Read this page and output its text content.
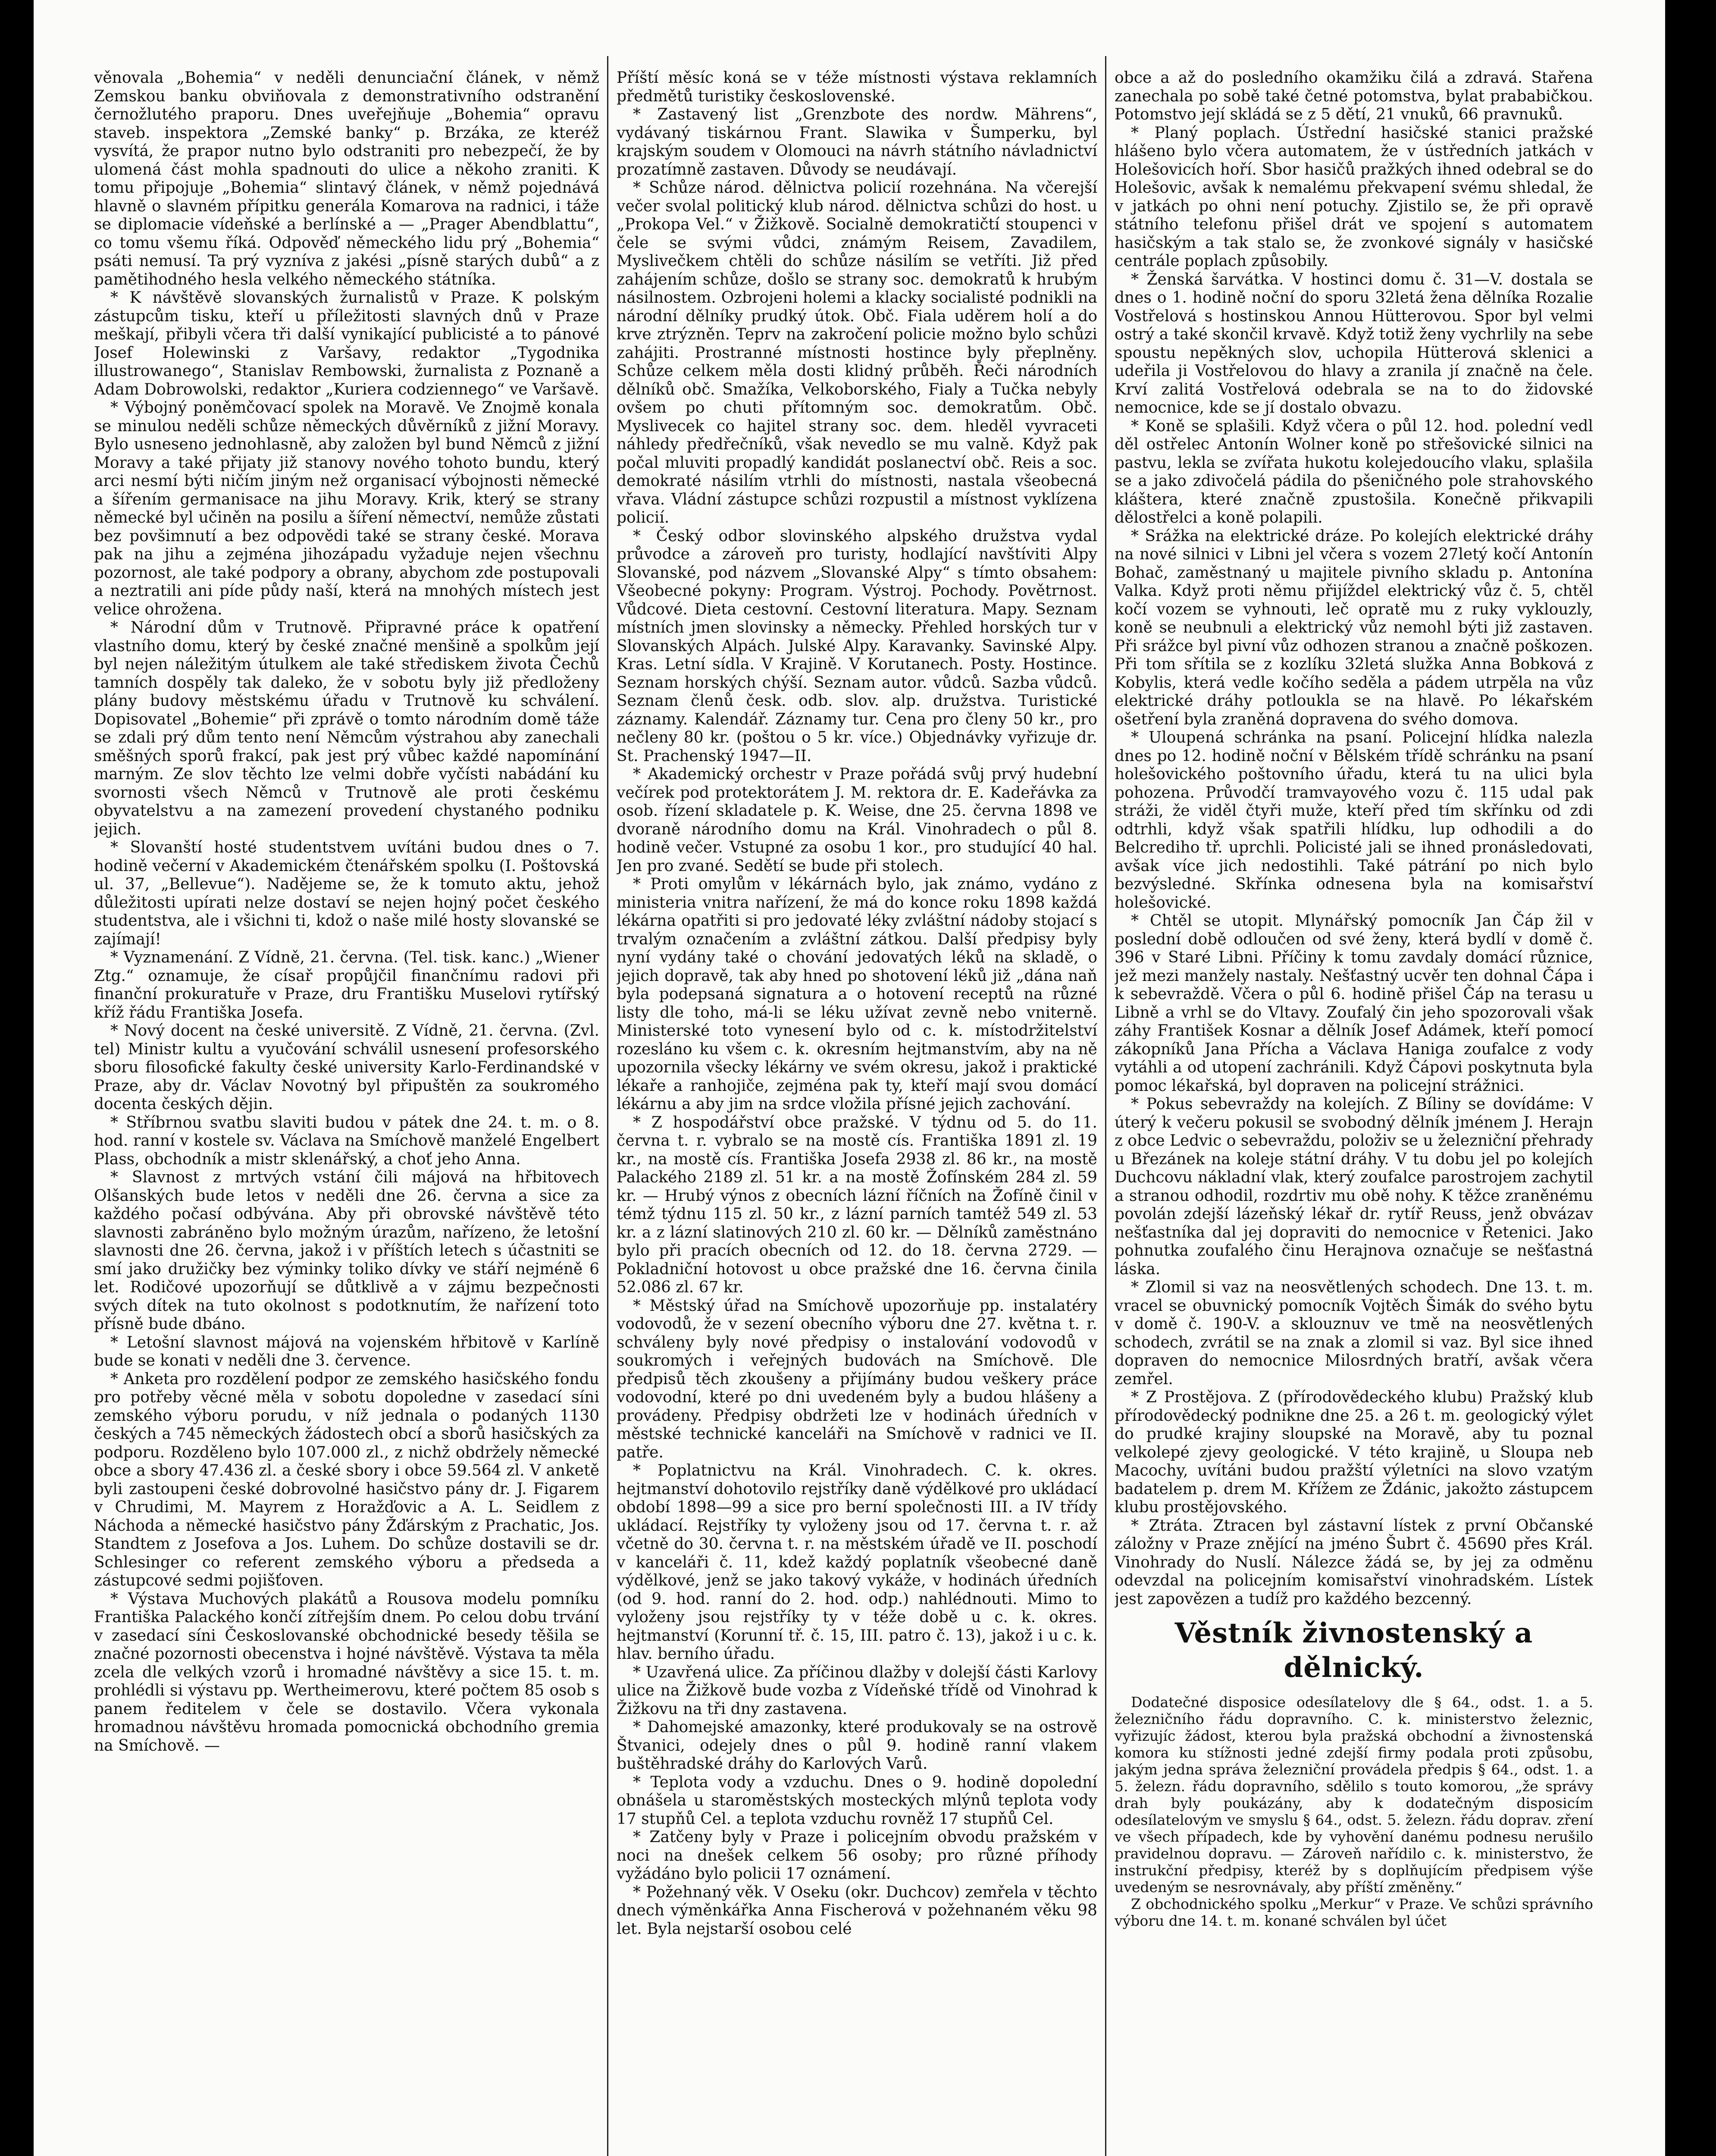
věnovala „Bohemia“ v neděli denunciační článek, v němž Zemskou banku obviňovala z demonstrativního odstranění černožlutého praporu. Dnes uveřejňuje „Bohemia“ opravu staveb. inspektora „Zemské banky“ p. Brzáka, ze kteréž vysvítá, že prapor nutno bylo odstraniti pro nebezpečí, že by ulomená část mohla spadnouti do ulice a někoho zraniti. K tomu připojuje „Bohemia“ slintavý článek, v němž pojednává hlavně o slavném přípitku generála Komarova na radnici, i táže se diplomacie vídeňské a berlínské a — „Prager Abendblattu“, co tomu všemu říká. Odpověď německého lidu prý „Bohemia“ psáti nemusí. Ta prý vyzníva z jakési „písně starých dubů“ a z pamětihodného hesla velkého německého státníka.

* K návštěvě slovanských žurnalistů v Praze. K polským zástupcům tisku, kteří u příležitosti slavných dnů v Praze meškají, přibyli včera tři další vynikající publicisté a to pánové Josef Holewinski z Varšavy, redaktor „Tygodnika illustrowanego“, Stanislav Rembowski, žurnalista z Poznaně a Adam Dobrowolski, redaktor „Kuriera codziennego“ ve Varšavě.

* Výbojný poněmčovací spolek na Moravě. Ve Znojmě konala se minulou neděli schůze německých důvěrníků z jižní Moravy. Bylo usneseno jednohlasně, aby založen byl bund Němců z jižní Moravy a také přijaty již stanovy nového tohoto bundu, který arci nesmí býti ničím jiným než organisací výbojnosti německé a šířením germanisace na jihu Moravy. Krik, který se strany německé byl učiněn na posilu a šíření němectví, nemůže zůstati bez povšimnutí a bez odpovědi také se strany české. Morava pak na jihu a zejména jihozápadu vyžaduje nejen všechnu pozornost, ale také podpory a obrany, abychom zde postupovali a neztratili ani píde půdy naší, která na mnohých místech jest velice ohrožena.

* Národní dům v Trutnově. Připravné práce k opatření vlastního domu, který by české značné menšině a spolkům její byl nejen náležitým útulkem ale také střediskem života Čechů tamních dospěly tak daleko, že v sobotu byly již předloženy plány budovy městskému úřadu v Trutnově ku schválení. Dopisovatel „Bohemie“ při zprávě o tomto národním domě táže se zdali prý dům tento není Němcům výstrahou aby zanechali směšných sporů frakcí, pak jest prý vůbec každé napomínání marným. Ze slov těchto lze velmi dobře vyčísti nabádání ku svornosti všech Němců v Trutnově ale proti českému obyvatelstvu a na zamezení provedení chystaného podniku jejich.

* Slovanští hosté studentstvem uvítáni budou dnes o 7. hodině večerní v Akademickém čtenářském spolku (I. Poštovská ul. 37, „Bellevue“). Nadějeme se, že k tomuto aktu, jehož důležitosti upírati nelze dostaví se nejen hojný počet českého studentstva, ale i všichni ti, kdož o naše milé hosty slovanské se zajímají!

* Vyznamenání. Z Vídně, 21. června. (Tel. tisk. kanc.) „Wiener Ztg.“ oznamuje, že císař propůjčil finančnímu radovi při finanční prokuratuře v Praze, dru Františku Muselovi rytířský kříž řádu Františka Josefa.

* Nový docent na české universitě. Z Vídně, 21. června. (Zvl. tel) Ministr kultu a vyučování schválil usnesení profesorského sboru filosofické fakulty české university Karlo-Ferdinandské v Praze, aby dr. Václav Novotný byl připuštěn za soukromého docenta českých dějin.

* Stříbrnou svatbu slaviti budou v pátek dne 24. t. m. o 8. hod. ranní v kostele sv. Václava na Smíchově manželé Engelbert Plass, obchodník a mistr sklenářský, a choť jeho Anna.

* Slavnost z mrtvých vstání čili májová na hřbitovech Olšanských bude letos v neděli dne 26. června a sice za každého počasí odbývána. Aby při obrovské návštěvě této slavnosti zabráněno bylo možným úrazům, nařízeno, že letošní slavnosti dne 26. června, jakož i v příštích letech s účastniti se smí jako družičky bez výminky toliko dívky ve stáří nejméně 6 let. Rodičové upozorňují se důtklivě a v zájmu bezpečnosti svých dítek na tuto okolnost s podotknutím, že nařízení toto přísně bude dbáno.

* Letošní slavnost májová na vojenském hřbitově v Karlíně bude se konati v neděli dne 3. července.

* Anketa pro rozdělení podpor ze zemského hasičského fondu pro potřeby věcné měla v sobotu dopoledne v zasedací síni zemského výboru porudu, v níž jednala o podaných 1130 českých a 745 německých žádostech obcí a sborů hasičských za podporu. Rozděleno bylo 107.000 zl., z nichž obdržely německé obce a sbory 47.436 zl. a české sbory i obce 59.564 zl. V anketě byli zastoupeni české dobrovolné hasičstvo pány dr. J. Figarem v Chrudimi, M. Mayrem z Horažďovic a A. L. Seidlem z Náchoda a německé hasičstvo pány Žďárským z Prachatic, Jos. Standtem z Josefova a Jos. Luhem. Do schůze dostavili se dr. Schlesinger co referent zemského výboru a předseda a zástupcové sedmi pojišťoven.

* Výstava Muchových plakátů a Rousova modelu pomníku Františka Palackého končí zítřejším dnem. Po celou dobu trvání v zasedací síni Českoslovanské obchodnické besedy těšila se značné pozornosti obecenstva i hojné návštěvě. Výstava ta měla zcela dle velkých vzorů i hromadné návštěvy a sice 15. t. m. prohlédli si výstavu pp. Wertheimerovu, které počtem 85 osob s panem ředitelem v čele se dostavilo. Včera vykonala hromadnou návštěvu hromada pomocnická obchodního gremia na Smíchově. —

Příští měsíc koná se v téže místnosti výstava reklamních předmětů turistiky československé.

* Zastavený list „Grenzbote des nordw. Mährens“, vydávaný tiskárnou Frant. Slawika v Šumperku, byl krajským soudem v Olomouci na návrh státního návladnictví prozatímně zastaven. Důvody se neudávají.

* Schůze národ. dělnictva policií rozehnána. Na včerejší večer svolal politický klub národ. dělnictva schůzi do host. u „Prokopa Vel.“ v Žižkově. Socialně demokratičtí stoupenci v čele se svými vůdci, známým Reisem, Zavadilem, Myslivečkem chtěli do schůze násilím se vetříti. Již před zahájením schůze, došlo se strany soc. demokratů k hrubým násilnostem. Ozbrojeni holemi a klacky socialisté podnikli na národní dělníky prudký útok. Obč. Fiala uděrem holí a do krve ztrýzněn. Teprv na zakročení policie možno bylo schůzi zahájiti. Prostranné místnosti hostince byly přeplněny. Schůze celkem měla dosti klidný průběh. Řeči národních dělníků obč. Smažíka, Velkoborského, Fialy a Tučka nebyly ovšem po chuti přítomným soc. demokratům. Obč. Myslivecek co hajitel strany soc. dem. hleděl vyvraceti náhledy předřečníků, však nevedlo se mu valně. Když pak počal mluviti propadlý kandidát poslanectví obč. Reis a soc. demokraté násilím vtrhli do místnosti, nastala všeobecná vřava. Vládní zástupce schůzi rozpustil a místnost vyklízena policií.

* Český odbor slovinského alpského družstva vydal průvodce a zároveň pro turisty, hodlající navštíviti Alpy Slovanské, pod názvem „Slovanské Alpy“ s tímto obsahem: Všeobecné pokyny: Program. Výstroj. Pochody. Povětrnost. Vůdcové. Dieta cestovní. Cestovní literatura. Mapy. Seznam místních jmen slovinsky a německy. Přehled horských tur v Slovanských Alpách. Julské Alpy. Karavanky. Savinské Alpy. Kras. Letní sídla. V Krajině. V Korutanech. Posty. Hostince. Seznam horských chýší. Seznam autor. vůdců. Sazba vůdců. Seznam členů česk. odb. slov. alp. družstva. Turistické záznamy. Kalendář. Záznamy tur. Cena pro členy 50 kr., pro nečleny 80 kr. (poštou o 5 kr. více.) Objednávky vyřizuje dr. St. Prachenský 1947—II.

* Akademický orchestr v Praze pořádá svůj prvý hudební večírek pod protektorátem J. M. rektora dr. E. Kadeřávka za osob. řízení skladatele p. K. Weise, dne 25. června 1898 ve dvoraně národního domu na Král. Vinohradech o půl 8. hodině večer. Vstupné za osobu 1 kor., pro studující 40 hal. Jen pro zvané. Sedětí se bude při stolech.

* Proti omylům v lékárnách bylo, jak známo, vydáno z ministeria vnitra nařízení, že má do konce roku 1898 každá lékárna opatřiti si pro jedovaté léky zvláštní nádoby stojací s trvalým označením a zvláštní zátkou. Další předpisy byly nyní vydány také o chování jedovatých léků na skladě, o jejich dopravě, tak aby hned po shotovení léků již „dána naň byla podepsaná signatura a o hotovení receptů na různé listy dle toho, má-li se léku užívat zevně nebo vniterně. Ministerské toto vynesení bylo od c. k. místodržitelství rozesláno ku všem c. k. okresním hejtmanstvím, aby na ně upozornila všecky lékárny ve svém okresu, jakož i praktické lékaře a ranhojiče, zejména pak ty, kteří mají svou domácí lékárnu a aby jim na srdce vložila přísné jejich zachování.

* Z hospodářství obce pražské. V týdnu od 5. do 11. června t. r. vybralo se na mostě cís. Františka 1891 zl. 19 kr., na mostě cís. Františka Josefa 2938 zl. 86 kr., na mostě Palackého 2189 zl. 51 kr. a na mostě Žofínském 284 zl. 59 kr. — Hrubý výnos z obecních lázní říčních na Žofíně činil v témž týdnu 115 zl. 50 kr., z lázní parních tamtéž 549 zl. 53 kr. a z lázní slatinových 210 zl. 60 kr. — Dělníků zaměstnáno bylo při pracích obecních od 12. do 18. června 2729. — Pokladniční hotovost u obce pražské dne 16. června činila 52.086 zl. 67 kr.

* Městský úřad na Smíchově upozorňuje pp. instalatéry vodovodů, že v sezení obecního výboru dne 27. května t. r. schváleny byly nové předpisy o instalování vodovodů v soukromých i veřejných budovách na Smíchově. Dle předpisů těch zkoušeny a přijímány budou veškery práce vodovodní, které po dni uvedeném byly a budou hlášeny a provádeny. Předpisy obdržeti lze v hodinách úředních v městské technické kanceláři na Smíchově v radnici ve II. patře.

* Poplatnictvu na Král. Vinohradech. C. k. okres. hejtmanství dohotovilo rejstříky daně výdělkové pro ukládací období 1898—99 a sice pro berní společnosti III. a IV třídy ukládací. Rejstříky ty vyloženy jsou od 17. června t. r. až včetně do 30. června t. r. na městském úřadě ve II. poschodí v kanceláři č. 11, kdež každý poplatník všeobecné daně výdělkové, jenž se jako takový vykáže, v hodinách úředních (od 9. hod. ranní do 2. hod. odp.) nahlédnouti. Mimo to vyloženy jsou rejstříky ty v téže době u c. k. okres. hejtmanství (Korunní tř. č. 15, III. patro č. 13), jakož i u c. k. hlav. berního úřadu.

* Uzavřená ulice. Za příčinou dlažby v dolejší části Karlovy ulice na Žižkově bude vozba z Vídeňské třídě od Vinohrad k Žižkovu na tři dny zastavena.

* Dahomejské amazonky, které produkovaly se na ostrově Štvanici, odejely dnes o půl 9. hodině ranní vlakem buštěhradské dráhy do Karlových Varů.

* Teplota vody a vzduchu. Dnes o 9. hodině dopolední obnášela u staroměstských mosteckých mlýnů teplota vody 17 stupňů Cel. a teplota vzduchu rovněž 17 stupňů Cel.

* Zatčeny byly v Praze i policejním obvodu pražském v noci na dnešek celkem 56 osoby; pro různé příhody vyžádáno bylo policii 17 oznámení.

* Požehnaný věk. V Oseku (okr. Duchcov) zemřela v těchto dnech výměnkářka Anna Fischerová v požehnaném věku 98 let. Byla nejstarší osobou celé

obce a až do posledního okamžiku čilá a zdravá. Stařena zanechala po sobě také četné potomstva, bylat prababičkou. Potomstvo její skládá se z 5 dětí, 21 vnuků, 66 pravnuků.

* Planý poplach. Ústřední hasičské stanici pražské hlášeno bylo včera automatem, že v ústředních jatkách v Holešovicích hoří. Sbor hasičů pražkých ihned odebral se do Holešovic, avšak k nemalému překvapení svému shledal, že v jatkách po ohni není potuchy. Zjistilo se, že při opravě státního telefonu přišel drát ve spojení s automatem hasičským a tak stalo se, že zvonkové signály v hasičské centrále poplach způsobily.

* Ženská šarvátka. V hostinci domu č. 31—V. dostala se dnes o 1. hodině noční do sporu 32letá žena dělníka Rozalie Vostřelová s hostinskou Annou Hütterovou. Spor byl velmi ostrý a také skončil krvavě. Když totiž ženy vychrlily na sebe spoustu nepěkných slov, uchopila Hütterová sklenici a udeřila ji Vostřelovou do hlavy a zranila jí značně na čele. Krví zalitá Vostřelová odebrala se na to do židovské nemocnice, kde se jí dostalo obvazu.

* Koně se splašili. Když včera o půl 12. hod. polední vedl děl ostřelec Antonín Wolner koně po střešovické silnici na pastvu, lekla se zvířata hukotu kolejedoucího vlaku, splašila se a jako zdivočelá pádila do pšeničného pole strahovského kláštera, které značně zpustošila. Konečně přikvapili dělostřelci a koně polapili.

* Srážka na elektrické dráze. Po kolejích elektrické dráhy na nové silnici v Libni jel včera s vozem 27letý kočí Antonín Bohač, zaměstnaný u majitele pivního skladu p. Antonína Valka. Když proti němu přijíždel elektrický vůz č. 5, chtěl kočí vozem se vyhnouti, leč opratě mu z ruky vyklouzly, koně se neubnuli a elektrický vůz nemohl býti již zastaven. Při srážce byl pivní vůz odhozen stranou a značně poškozen. Při tom sřítila se z kozlíku 32letá služka Anna Bobková z Kobylis, která vedle kočího seděla a pádem utrpěla na vůz elektrické dráhy potloukla se na hlavě. Po lékařském ošetření byla zraněná dopravena do svého domova.

* Uloupená schránka na psaní. Policejní hlídka nalezla dnes po 12. hodině noční v Bělském třídě schránku na psaní holešovického poštovního úřadu, která tu na ulici byla pohozena. Průvodčí tramvayového vozu č. 115 udal pak stráži, že viděl čtyři muže, kteří před tím skřínku od zdi odtrhli, když však spatřili hlídku, lup odhodili a do Belcrediho tř. uprchli. Policisté jali se ihned pronásledovati, avšak více jich nedostihli. Také pátrání po nich bylo bezvýsledné. Skřínka odnesena byla na komisařství holešovické.

* Chtěl se utopit. Mlynářský pomocník Jan Čáp žil v poslední době odloučen od své ženy, která bydlí v domě č. 396 v Staré Libni. Příčiny k tomu zavdaly domácí různice, jež mezi manžely nastaly. Nešťastný ucvěr ten dohnal Čápa i k sebevraždě. Včera o půl 6. hodině přišel Čáp na terasu u Libně a vrhl se do Vltavy. Zoufalý čin jeho spozorovali však záhy František Kosnar a dělník Josef Adámek, kteří pomocí zákopníků Jana Přícha a Václava Haniga zoufalce z vody vytáhli a od utopení zachránili. Když Čápovi poskytnuta byla pomoc lékařská, byl dopraven na policejní strážnici.

* Pokus sebevraždy na kolejích. Z Bíliny se dovídáme: V úterý k večeru pokusil se svobodný dělník jménem J. Herajn z obce Ledvic o sebevraždu, položiv se u železniční přehrady u Březánek na koleje státní dráhy. V tu dobu jel po kolejích Duchcovu nákladní vlak, který zoufalce parostrojem zachytil a stranou odhodil, rozdrtiv mu obě nohy. K těžce zraněnému povolán zdejší lázeňský lékař dr. rytíř Reuss, jenž obvázav nešťastníka dal jej dopraviti do nemocnice v Řetenici. Jako pohnutka zoufalého činu Herajnova označuje se nešťastná láska.

* Zlomil si vaz na neosvětlených schodech. Dne 13. t. m. vracel se obuvnický pomocník Vojtěch Šimák do svého bytu v domě č. 190-V. a sklouznuv ve tmě na neosvětlených schodech, zvrátil se na znak a zlomil si vaz. Byl sice ihned dopraven do nemocnice Milosrdných bratří, avšak včera zemřel.

* Z Prostějova. Z (přírodovědeckého klubu) Pražský klub přírodovědecký podnikne dne 25. a 26 t. m. geologický výlet do prudké krajiny sloupské na Moravě, aby tu poznal velkolepé zjevy geologické. V této krajině, u Sloupa neb Macochy, uvítáni budou pražští výletníci na slovo vzatým badatelem p. drem M. Křížem ze Ždánic, jakožto zástupcem klubu prostějovského.

* Ztráta. Ztracen byl zástavní lístek z první Občanské záložny v Praze znějící na jméno Šubrt č. 45690 přes Král. Vinohrady do Nuslí. Nálezce žádá se, by jej za odměnu odevzdal na policejním komisařství vinohradském. Lístek jest zapovězen a tudíž pro každého bezcenný.

Věstník živnostenský a dělnický.

Dodatečné disposice odesílatelovy dle § 64., odst. 1. a 5. železničního řádu dopravního. C. k. ministerstvo železnic, vyřizujíc žádost, kterou byla pražská obchodní a živnostenská komora ku stížnosti jedné zdejší firmy podala proti způsobu, jakým jedna správa železniční provádela předpis § 64., odst. 1. a 5. železn. řádu dopravního, sdělilo s touto komorou, „že správy drah byly poukázány, aby k dodatečným disposicím odesílatelovým ve smyslu § 64., odst. 5. železn. řádu doprav. zření ve všech případech, kde by vyhovění danému podnesu nerušilo pravidelnou dopravu. — Zároveň nařídilo c. k. ministerstvo, že instrukční předpisy, kteréž by s doplňujícím předpisem výše uvedeným se nesrovnávaly, aby příští změněny.“

Z obchodnického spolku „Merkur“ v Praze. Ve schůzi správního výboru dne 14. t. m. konané schválen byl účet
